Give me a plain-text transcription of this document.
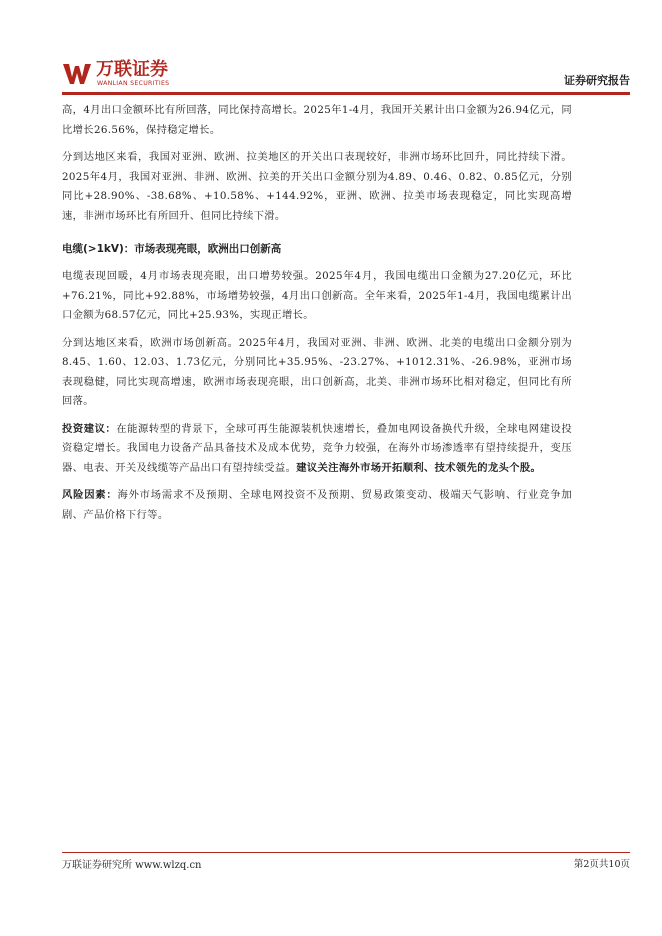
万联证券
WANLIAN SECURITIES	证券研究报告

高，4月出口金额环比有所回落，同比保持高增长。2025年1-4月，我国开关累计出口金额为26.94亿元，同比增长26.56%，保持稳定增长。

分到达地区来看，我国对亚洲、欧洲、拉美地区的开关出口表现较好，非洲市场环比回升，同比持续下滑。2025年4月，我国对亚洲、非洲、欧洲、拉美的开关出口金额分别为4.89、0.46、0.82、0.85亿元，分别同比+28.90%、-38.68%、+10.58%、+144.92%，亚洲、欧洲、拉美市场表现稳定，同比实现高增速，非洲市场环比有所回升、但同比持续下滑。

电缆(>1kV)：市场表现亮眼，欧洲出口创新高

电缆表现回暖，4月市场表现亮眼，出口增势较强。2025年4月，我国电缆出口金额为27.20亿元，环比+76.21%，同比+92.88%，市场增势较强，4月出口创新高。全年来看，2025年1-4月，我国电缆累计出口金额为68.57亿元，同比+25.93%，实现正增长。

分到达地区来看，欧洲市场创新高。2025年4月，我国对亚洲、非洲、欧洲、北美的电缆出口金额分别为8.45、1.60、12.03、1.73亿元，分别同比+35.95%、-23.27%、+1012.31%、-26.98%，亚洲市场表现稳健，同比实现高增速，欧洲市场表现亮眼，出口创新高，北美、非洲市场环比相对稳定，但同比有所回落。

投资建议：在能源转型的背景下，全球可再生能源装机快速增长，叠加电网设备换代升级，全球电网建设投资稳定增长。我国电力设备产品具备技术及成本优势，竞争力较强，在海外市场渗透率有望持续提升，变压器、电表、开关及线缆等产品出口有望持续受益。建议关注海外市场开拓顺利、技术领先的龙头个股。

风险因素：海外市场需求不及预期、全球电网投资不及预期、贸易政策变动、极端天气影响、行业竞争加剧、产品价格下行等。

万联证券研究所 www.wlzq.cn	第2页共10页
